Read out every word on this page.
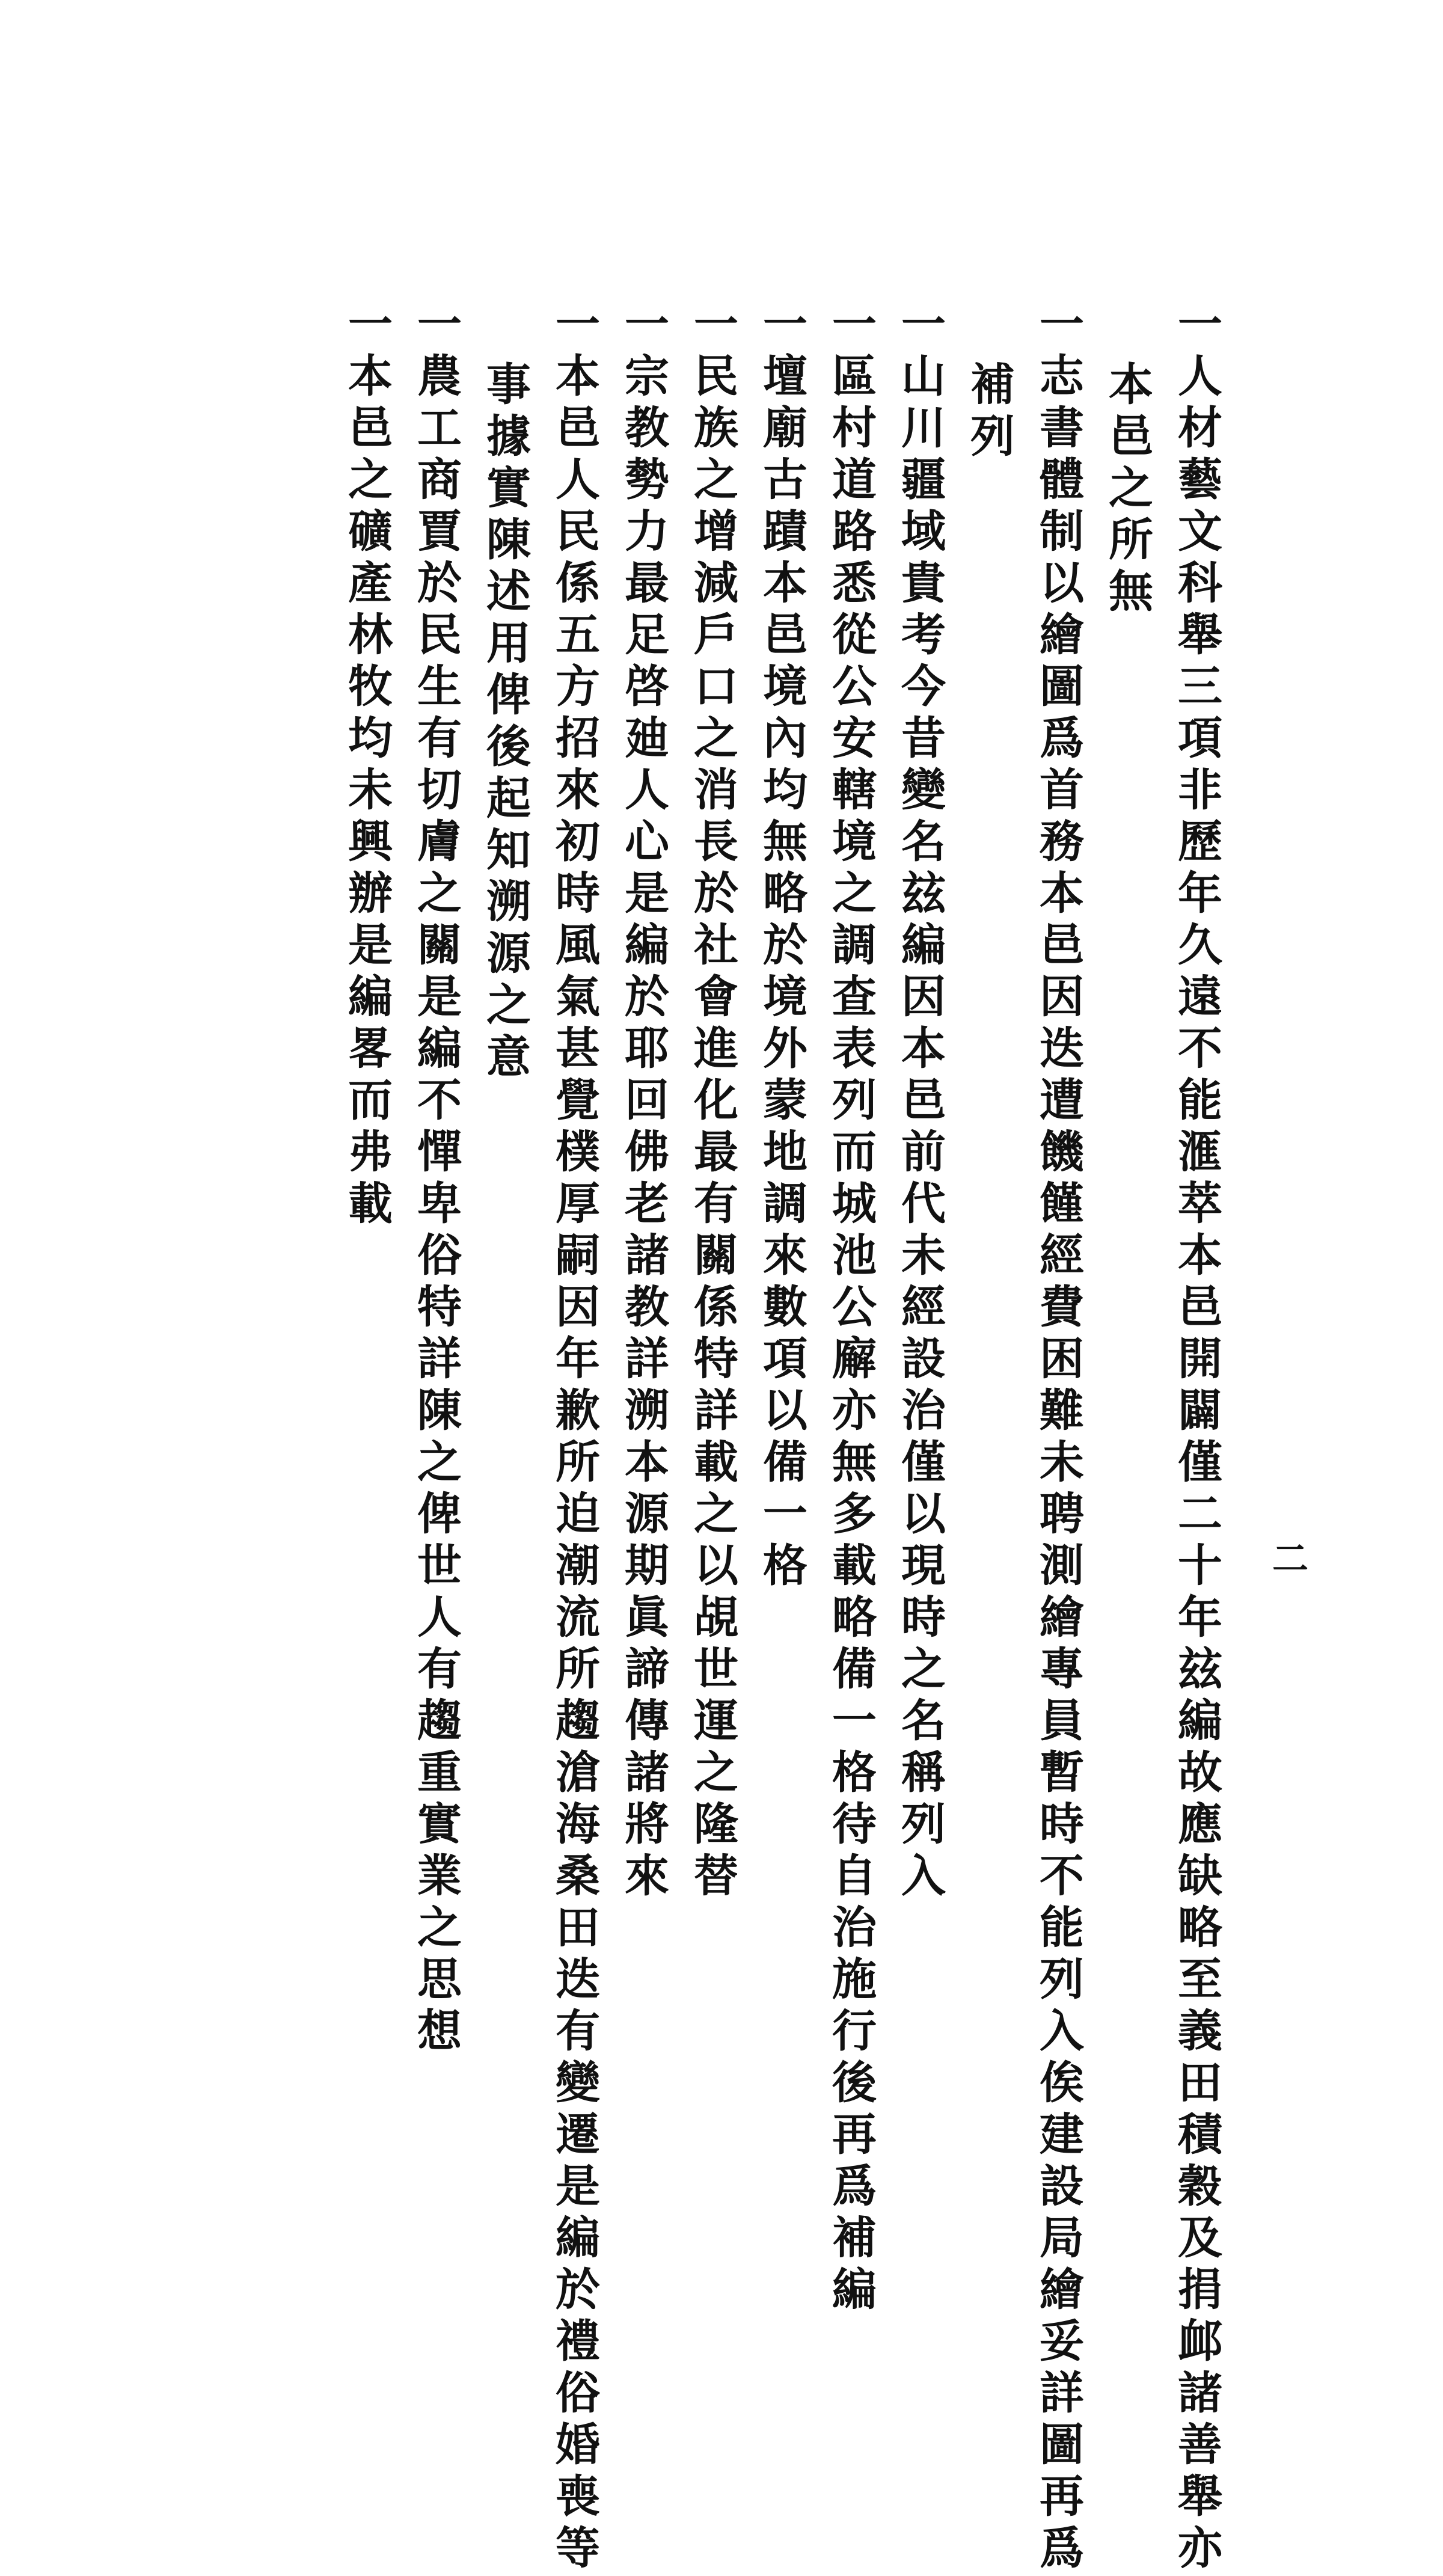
一人材藝文科舉三項非歷年久遠不能滙萃本邑開闢僅二十年玆編故應缺略至義田積穀及捐䘏諸善舉亦
本邑之所無
一志書體制以繪圖爲首務本邑因迭遭饑饉經費困難未聘測繪專員暫時不能列入俟建設局繪妥詳圖再爲
補列
一山川疆域貴考今昔變名玆編因本邑前代未經設治僅以現時之名稱列入
一區村道路悉從公安轄境之調查表列而城池公廨亦無多載略備一格待自治施行後再爲補編
一壇廟古蹟本邑境內均無略於境外蒙地調來數項以備一格
一民族之增減戶口之消長於社會進化最有關係特詳載之以覘世運之隆替
一宗教勢力最足啓廸人心是編於耶回佛老諸教詳溯本源期眞諦傳諸將來
一本邑人民係五方招來初時風氣甚覺樸厚嗣因年歉所迫潮流所趨滄海桑田迭有變遷是編於禮俗婚喪等
事據實陳述用俾後起知溯源之意
一農工商賈於民生有切膚之關是編不憚卑俗特詳陳之俾世人有趨重實業之思想
一本邑之礦產林牧均未興辦是編畧而弗載
二
